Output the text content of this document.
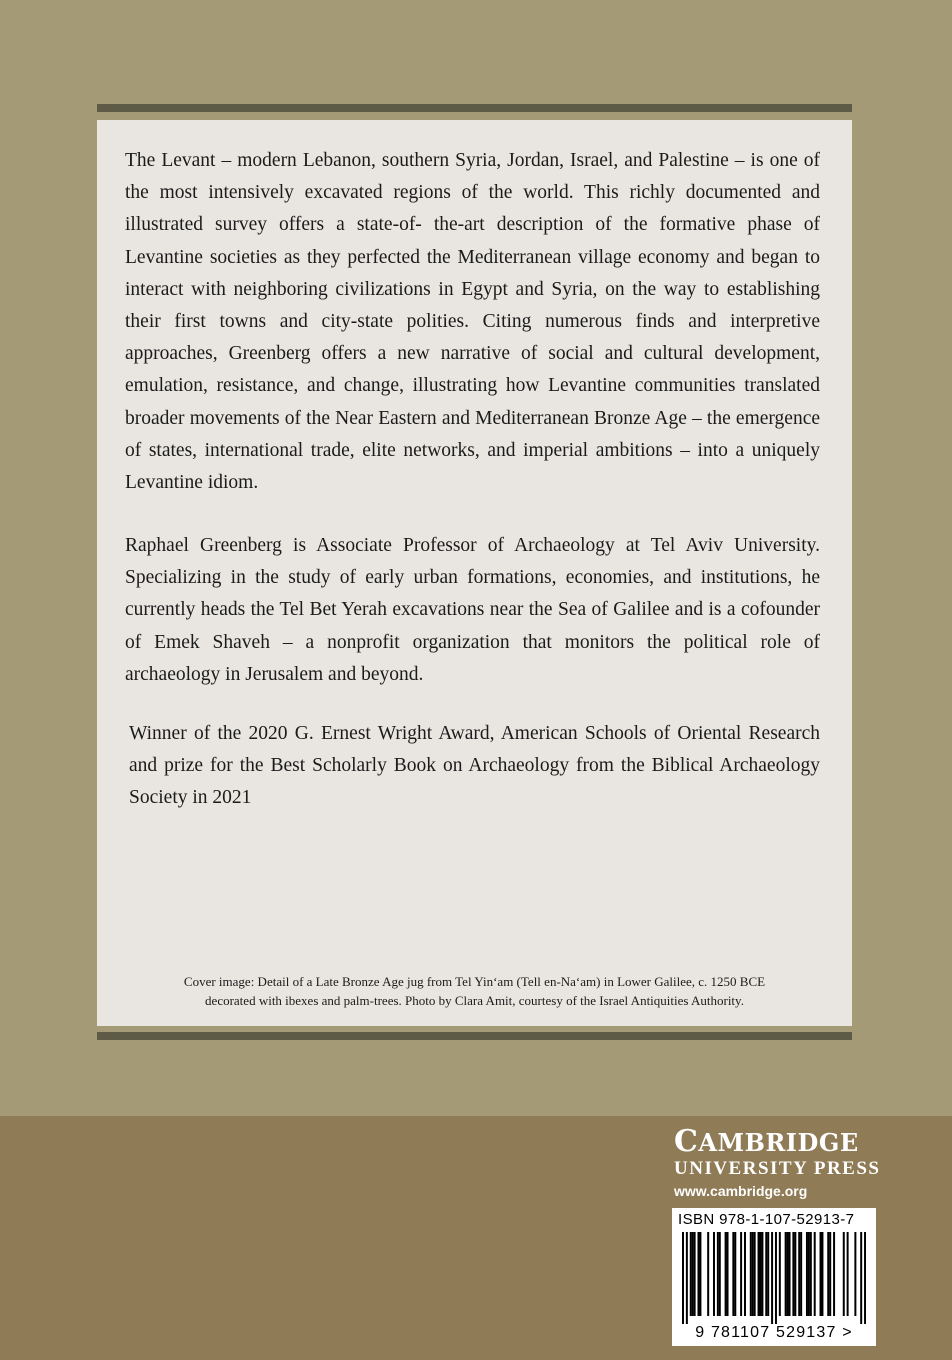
The Levant – modern Lebanon, southern Syria, Jordan, Israel, and Palestine – is one of the most intensively excavated regions of the world. This richly documented and illustrated survey offers a state-of- the-art description of the formative phase of Levantine societies as they perfected the Mediterranean village economy and began to interact with neighboring civilizations in Egypt and Syria, on the way to establishing their first towns and city-state polities. Citing numerous finds and interpretive approaches, Greenberg offers a new narrative of social and cultural development, emulation, resistance, and change, illustrating how Levantine communities translated broader movements of the Near Eastern and Mediterranean Bronze Age – the emergence of states, international trade, elite networks, and imperial ambitions – into a uniquely Levantine idiom.

Raphael Greenberg is Associate Professor of Archaeology at Tel Aviv University. Specializing in the study of early urban formations, economies, and institutions, he currently heads the Tel Bet Yerah excavations near the Sea of Galilee and is a cofounder of Emek Shaveh – a nonprofit organization that monitors the political role of archaeology in Jerusalem and beyond.

Winner of the 2020 G. Ernest Wright Award, American Schools of Oriental Research and prize for the Best Scholarly Book on Archaeology from the Biblical Archaeology Society in 2021

Cover image: Detail of a Late Bronze Age jug from Tel Yin‘am (Tell en-Na‘am) in Lower Galilee, c. 1250 BCE
decorated with ibexes and palm-trees. Photo by Clara Amit, courtesy of the Israel Antiquities Authority.
CAMBRIDGE
UNIVERSITY PRESS
www.cambridge.org
ISBN 978-1-107-52913-7
9 781107 529137 >
